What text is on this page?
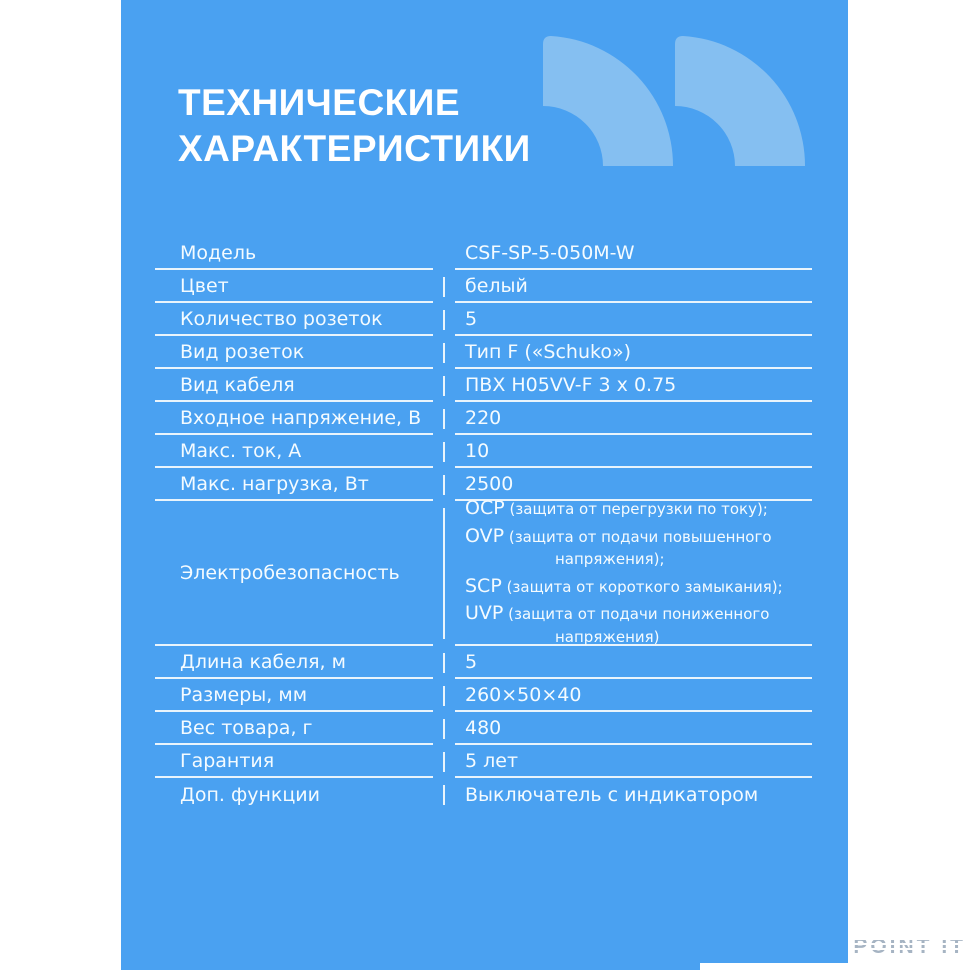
ТЕХНИЧЕСКИЕ
ХАРАКТЕРИСТИКИ
Модель	CSF-SP-5-050M-W
Цвет	белый
Количество розеток	5
Вид розеток	Тип F («Schuko»)
Вид кабеля	ПВХ H05VV-F 3 x 0.75
Входное напряжение, В 220
Макс. ток, А	10
Макс. нагрузка, Вт	2500
Электробезопасность
OCP (защита от перегрузки по току);
OVP (защита от подачи повышенного напряжения);
SCP (защита от короткого замыкания);
UVP (защита от подачи пониженного напряжения)
Длина кабеля, м	5
Размеры, мм	260×50×40
Вес товара, г	480
Гарантия	5 лет
Доп. функции	Выключатель с индикатором
POINT IT
